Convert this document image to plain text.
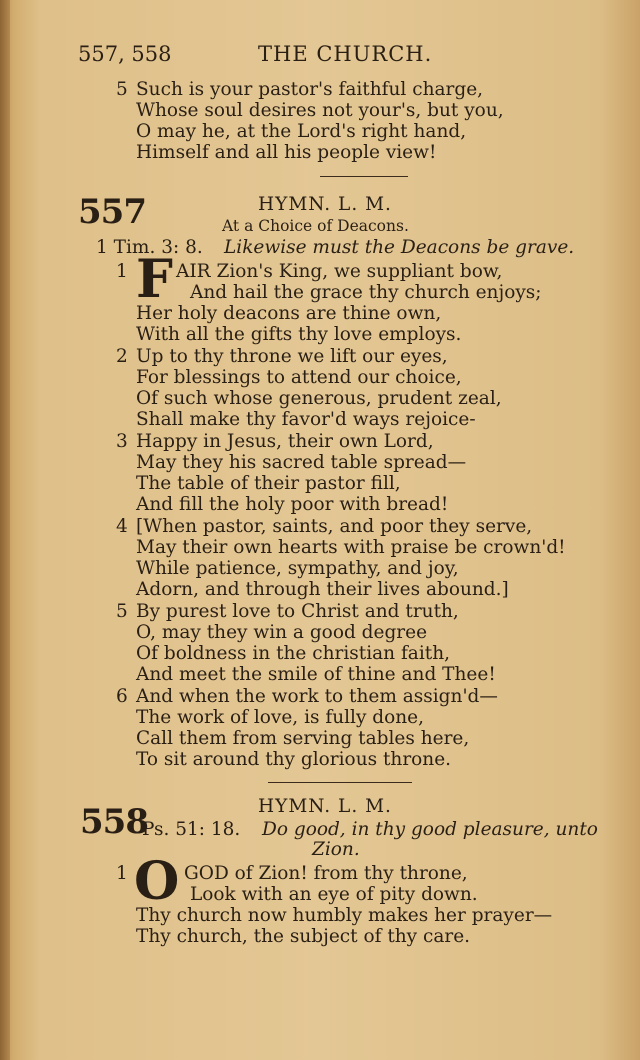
557, 558	THE CHURCH.
5 Such is your pastor's faithful charge,
Whose soul desires not your's, but you,
O may he, at the Lord's right hand,
Himself and all his people view!
557	HYMN. L. M.
At a Choice of Deacons.
1 Tim. 3: 8. Likewise must the Deacons be grave.
1 F AIR Zion's King, we suppliant bow,
And hail the grace thy church enjoys;
Her holy deacons are thine own,
With all the gifts thy love employs.
2 Up to thy throne we lift our eyes,
For blessings to attend our choice,
Of such whose generous, prudent zeal,
Shall make thy favor'd ways rejoice-
3 Happy in Jesus, their own Lord,
May they his sacred table spread—
The table of their pastor fill,
And fill the holy poor with bread!
4 [When pastor, saints, and poor they serve,
May their own hearts with praise be crown'd!
While patience, sympathy, and joy,
Adorn, and through their lives abound.]
5 By purest love to Christ and truth,
O, may they win a good degree
Of boldness in the christian faith,
And meet the smile of thine and Thee!
6 And when the work to them assign'd—
The work of love, is fully done,
Call them from serving tables here,
To sit around thy glorious throne.
558	HYMN. L. M.
Ps. 51: 18. Do good, in thy good pleasure, unto
Zion.
1 O GOD of Zion! from thy throne,
Look with an eye of pity down.
Thy church now humbly makes her prayer—
Thy church, the subject of thy care.
